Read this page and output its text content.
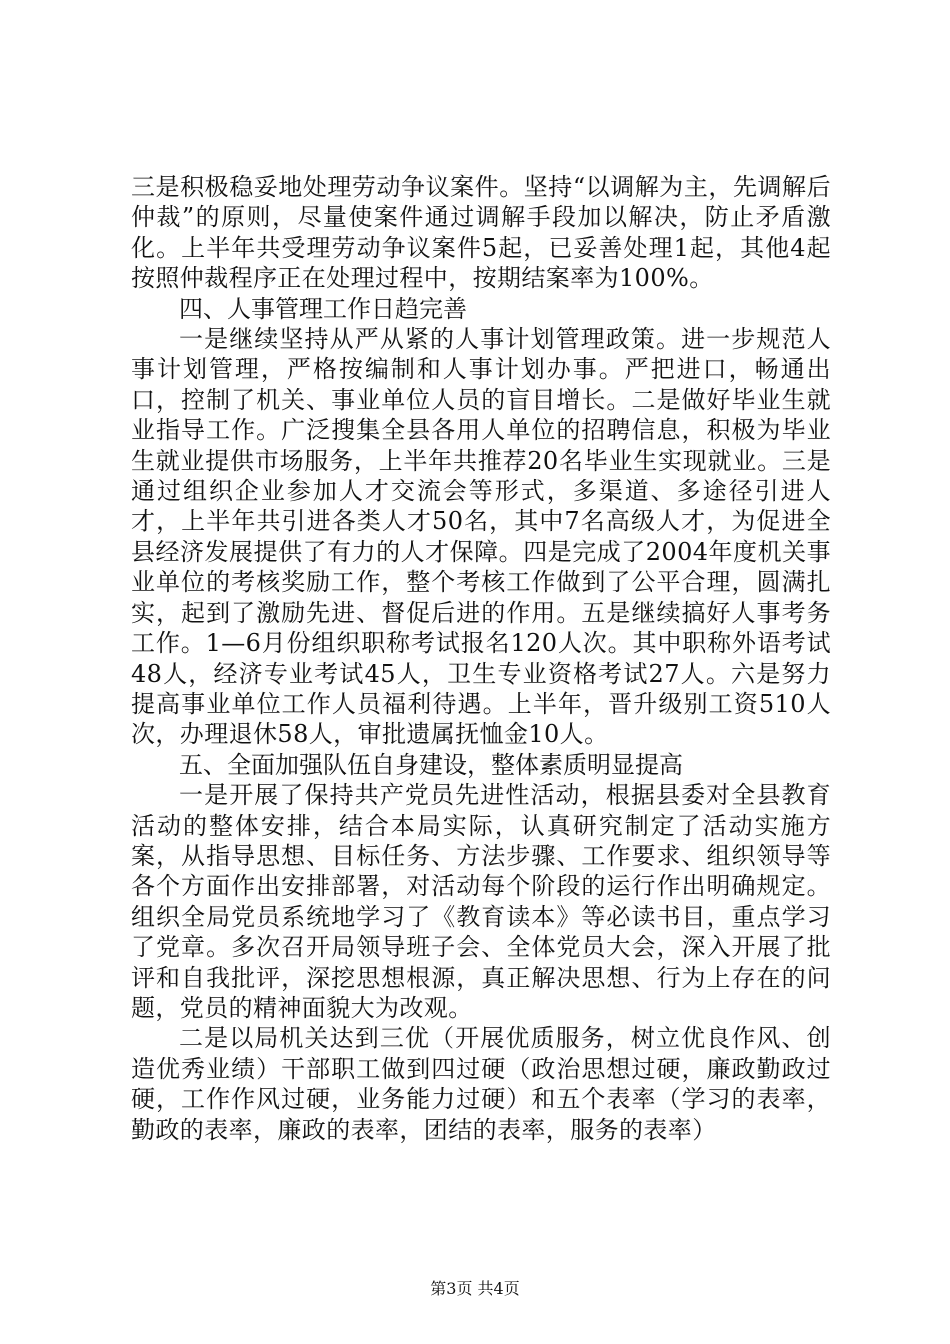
三是积极稳妥地处理劳动争议案件。坚持“以调解为主，先调解后仲裁”的原则，尽量使案件通过调解手段加以解决，防止矛盾激化。上半年共受理劳动争议案件5起，已妥善处理1起，其他4起按照仲裁程序正在处理过程中，按期结案率为100%。

四、人事管理工作日趋完善

一是继续坚持从严从紧的人事计划管理政策。进一步规范人事计划管理，严格按编制和人事计划办事。严把进口，畅通出口，控制了机关、事业单位人员的盲目增长。二是做好毕业生就业指导工作。广泛搜集全县各用人单位的招聘信息，积极为毕业生就业提供市场服务，上半年共推荐20名毕业生实现就业。三是通过组织企业参加人才交流会等形式，多渠道、多途径引进人才，上半年共引进各类人才50名，其中7名高级人才，为促进全县经济发展提供了有力的人才保障。四是完成了2004年度机关事业单位的考核奖励工作，整个考核工作做到了公平合理，圆满扎实，起到了激励先进、督促后进的作用。五是继续搞好人事考务工作。1—6月份组织职称考试报名120人次。其中职称外语考试48人，经济专业考试45人，卫生专业资格考试27人。六是努力提高事业单位工作人员福利待遇。上半年，晋升级别工资510人次，办理退休58人，审批遗属抚恤金10人。

五、全面加强队伍自身建设，整体素质明显提高

一是开展了保持共产党员先进性活动，根据县委对全县教育活动的整体安排，结合本局实际，认真研究制定了活动实施方案，从指导思想、目标任务、方法步骤、工作要求、组织领导等各个方面作出安排部署，对活动每个阶段的运行作出明确规定。组织全局党员系统地学习了《教育读本》等必读书目，重点学习了党章。多次召开局领导班子会、全体党员大会，深入开展了批评和自我批评，深挖思想根源，真正解决思想、行为上存在的问题，党员的精神面貌大为改观。

二是以局机关达到三优（开展优质服务，树立优良作风、创造优秀业绩）干部职工做到四过硬（政治思想过硬，廉政勤政过硬，工作作风过硬，业务能力过硬）和五个表率（学习的表率，勤政的表率，廉政的表率，团结的表率，服务的表率）

第3页 共4页
